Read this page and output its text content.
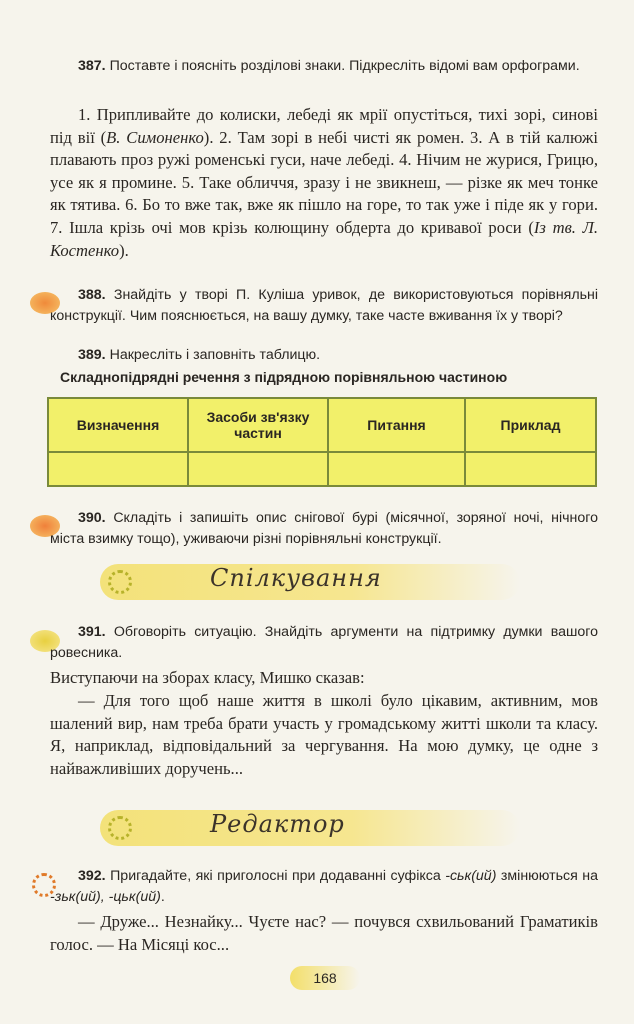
387. Поставте і поясніть розділові знаки. Підкресліть відомі вам орфограми.
1. Припливайте до колиски, лебеді як мрії опустіться, тихі зорі, синові під вії (В. Симоненко). 2. Там зорі в небі чисті як ромен. 3. А в тій калюжі плавають проз ружі роменські гуси, наче лебеді. 4. Нічим не журися, Грицю, усе як я промине. 5. Таке обличчя, зразу і не звикнеш, — різке як меч тонке як тятива. 6. Бо то вже так, вже як пішло на горе, то так уже і піде як у гори. 7. Ішла крізь очі мов крізь колющину обдерта до кривавої роси (Із тв. Л. Костенко).
388. Знайдіть у творі П. Куліша уривок, де використовуються порівняльні конструкції. Чим пояснюється, на вашу думку, таке часте вживання їх у творі?
389. Накресліть і заповніть таблицю.
Складнопідрядні речення з підрядною порівняльною частиною
Визначення	Засоби зв'язку частин	Питання	Приклад

390. Складіть і запишіть опис снігової бурі (місячної, зоряної ночі, нічного міста взимку тощо), уживаючи різні порівняльні конструкції.
Спілкування
391. Обговоріть ситуацію. Знайдіть аргументи на підтримку думки вашого ровесника.
Виступаючи на зборах класу, Мишко сказав:
— Для того щоб наше життя в школі було цікавим, активним, мов шалений вир, нам треба брати участь у громадському житті школи та класу. Я, наприклад, відповідальний за чергування. На мою думку, це одне з найважливіших доручень...
Редактор
392. Пригадайте, які приголосні при додаванні суфікса -ськ(ий) змінюються на -зьк(ий), -цьк(ий).
— Друже... Незнайку... Чуєте нас? — почувся схвильований Граматиків голос. — На Місяці кос...
168
